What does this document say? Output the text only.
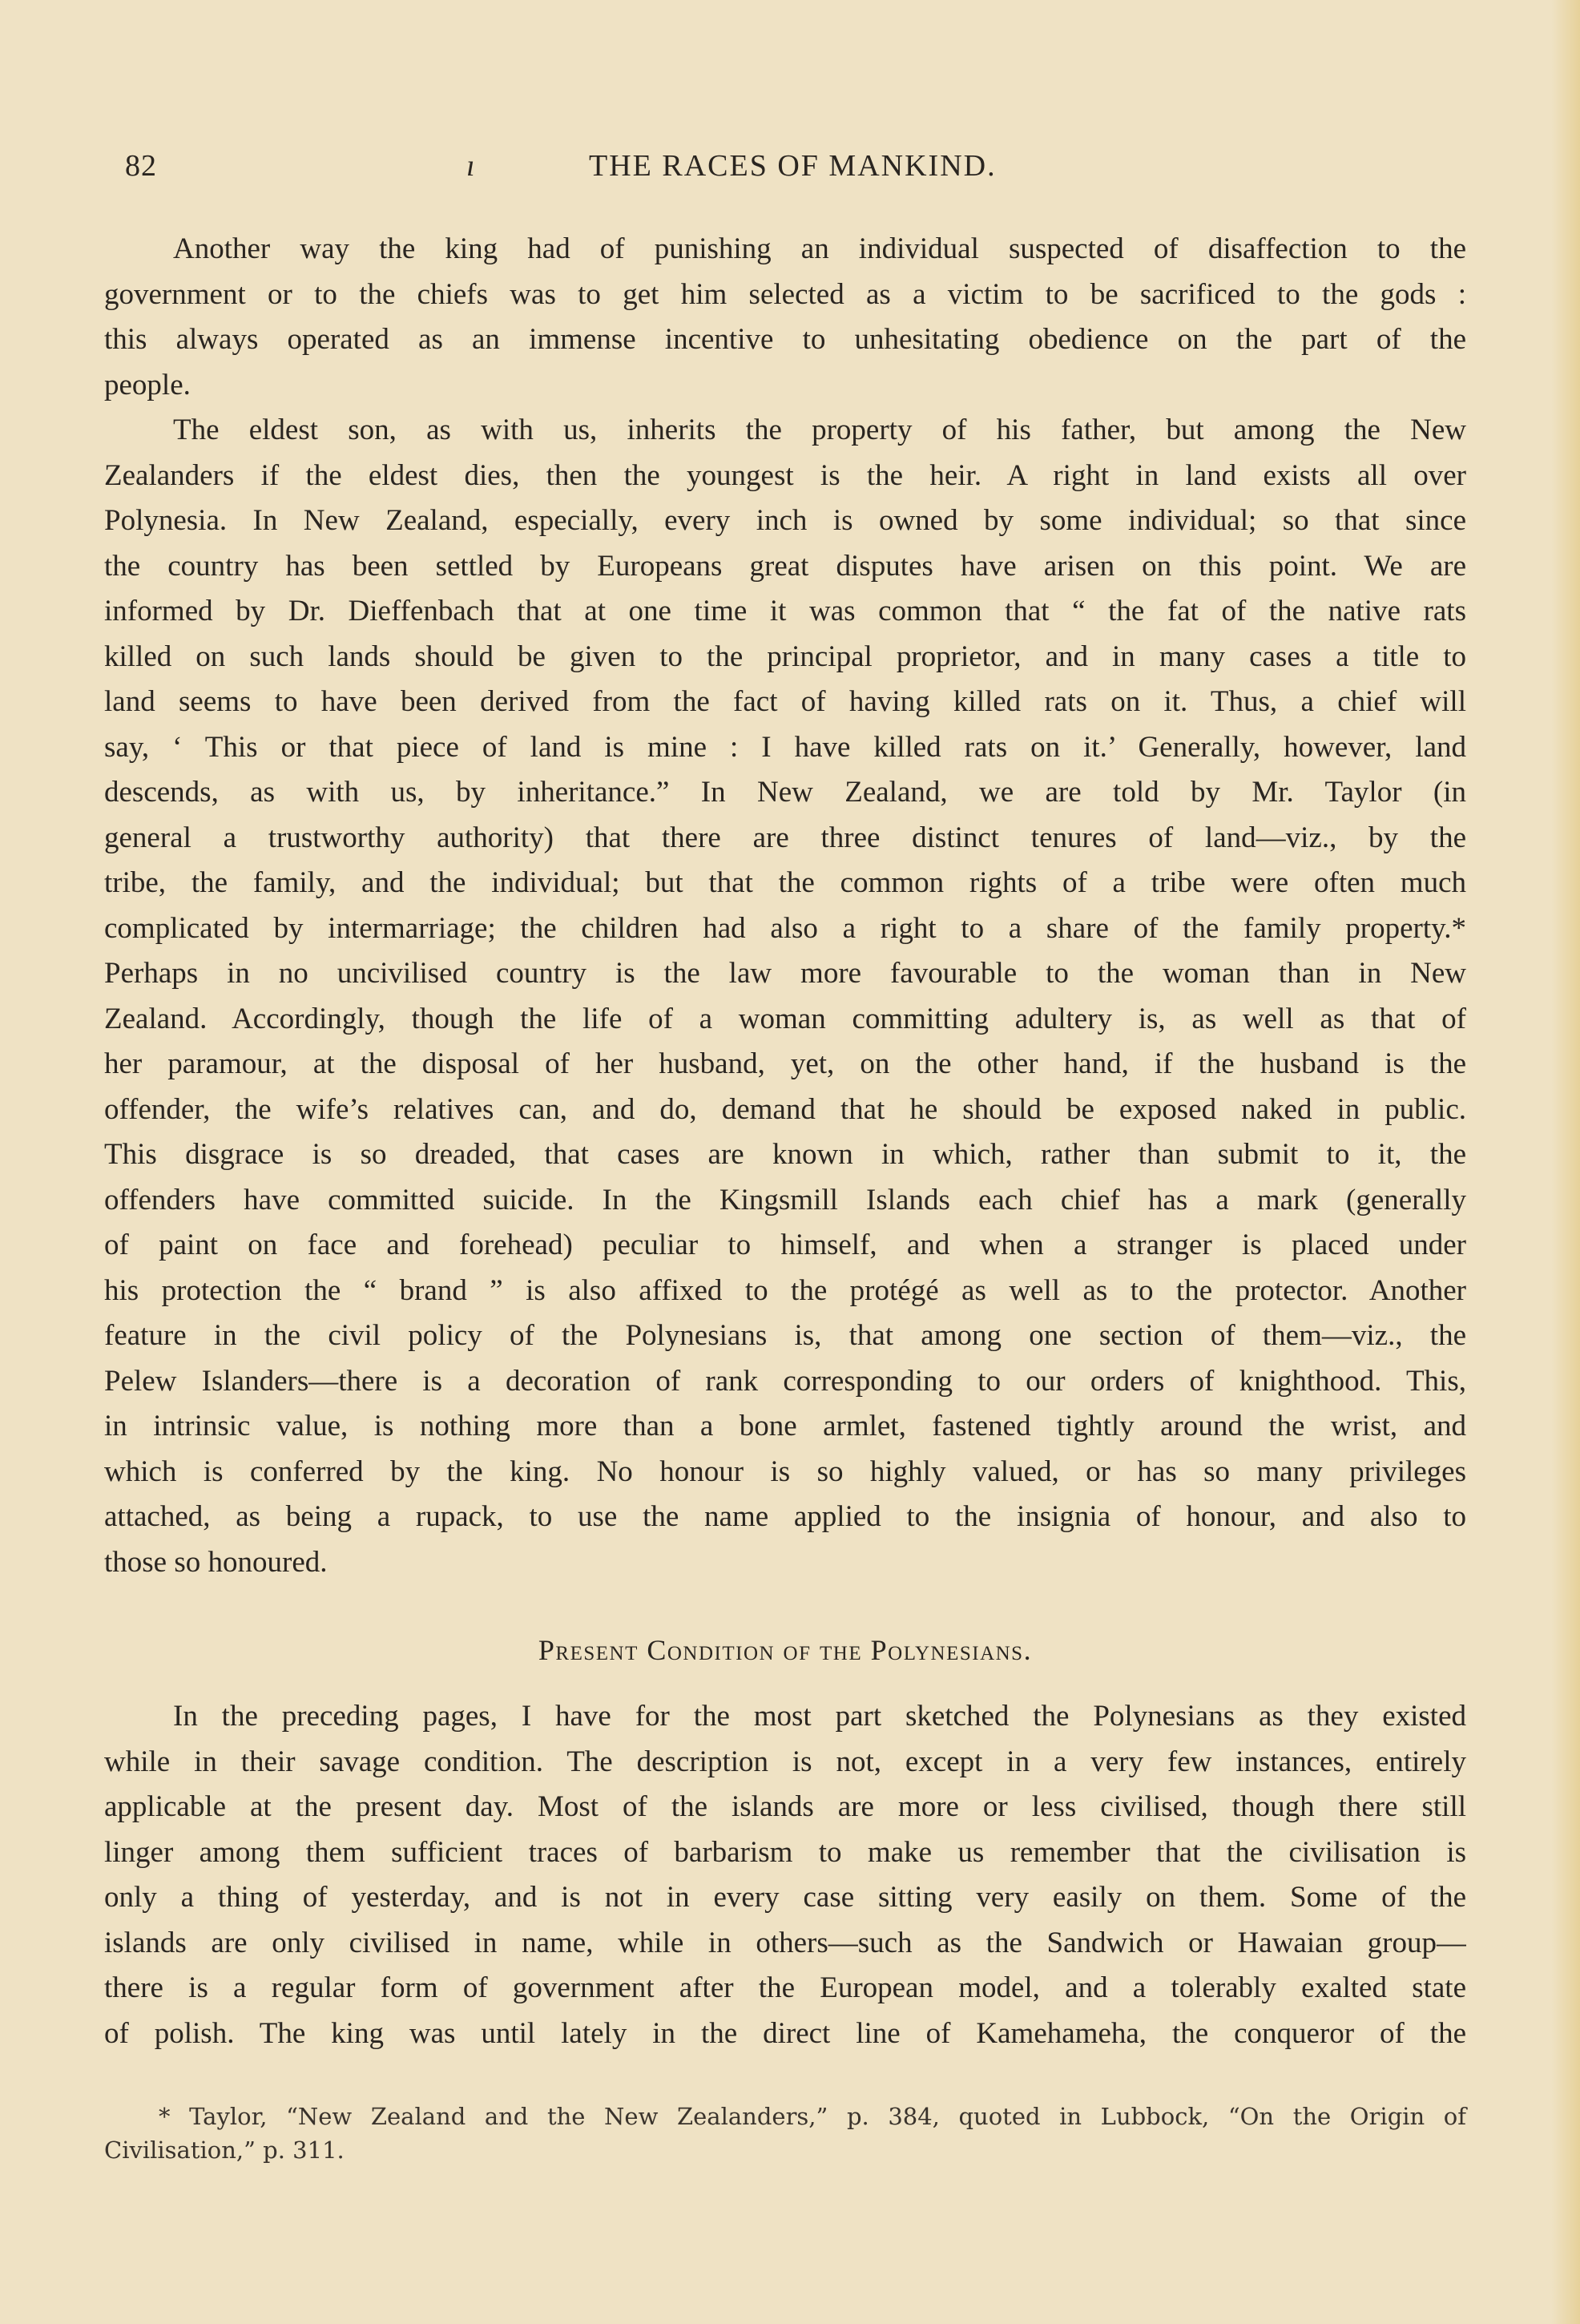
82	ı	THE RACES OF MANKIND.

Another way the king had of punishing an individual suspected of disaffection to the
government or to the chiefs was to get him selected as a victim to be sacrificed to the gods :
this always operated as an immense incentive to unhesitating obedience on the part of the
people.

The eldest son, as with us, inherits the property of his father, but among the New
Zealanders if the eldest dies, then the youngest is the heir. A right in land exists all over
Polynesia. In New Zealand, especially, every inch is owned by some individual; so that since
the country has been settled by Europeans great disputes have arisen on this point. We are
informed by Dr. Dieffenbach that at one time it was common that “ the fat of the native rats
killed on such lands should be given to the principal proprietor, and in many cases a title to
land seems to have been derived from the fact of having killed rats on it. Thus, a chief will
say, ‘ This or that piece of land is mine : I have killed rats on it.’ Generally, however, land
descends, as with us, by inheritance.” In New Zealand, we are told by Mr. Taylor (in
general a trustworthy authority) that there are three distinct tenures of land—viz., by the
tribe, the family, and the individual; but that the common rights of a tribe were often much
complicated by intermarriage; the children had also a right to a share of the family property.*
Perhaps in no uncivilised country is the law more favourable to the woman than in New
Zealand. Accordingly, though the life of a woman committing adultery is, as well as that of
her paramour, at the disposal of her husband, yet, on the other hand, if the husband is the
offender, the wife’s relatives can, and do, demand that he should be exposed naked in public.
This disgrace is so dreaded, that cases are known in which, rather than submit to it, the
offenders have committed suicide. In the Kingsmill Islands each chief has a mark (generally
of paint on face and forehead) peculiar to himself, and when a stranger is placed under
his protection the “ brand ” is also affixed to the protégé as well as to the protector. Another
feature in the civil policy of the Polynesians is, that among one section of them—viz., the
Pelew Islanders—there is a decoration of rank corresponding to our orders of knighthood. This,
in intrinsic value, is nothing more than a bone armlet, fastened tightly around the wrist, and
which is conferred by the king. No honour is so highly valued, or has so many privileges
attached, as being a rupack, to use the name applied to the insignia of honour, and also to
those so honoured.

Present Condition of the Polynesians.

In the preceding pages, I have for the most part sketched the Polynesians as they existed
while in their savage condition. The description is not, except in a very few instances, entirely
applicable at the present day. Most of the islands are more or less civilised, though there still
linger among them sufficient traces of barbarism to make us remember that the civilisation is
only a thing of yesterday, and is not in every case sitting very easily on them. Some of the
islands are only civilised in name, while in others—such as the Sandwich or Hawaian group—
there is a regular form of government after the European model, and a tolerably exalted state
of polish. The king was until lately in the direct line of Kamehameha, the conqueror of the

* Taylor, “New Zealand and the New Zealanders,” p. 384, quoted in Lubbock, “On the Origin of
Civilisation,” p. 311.
